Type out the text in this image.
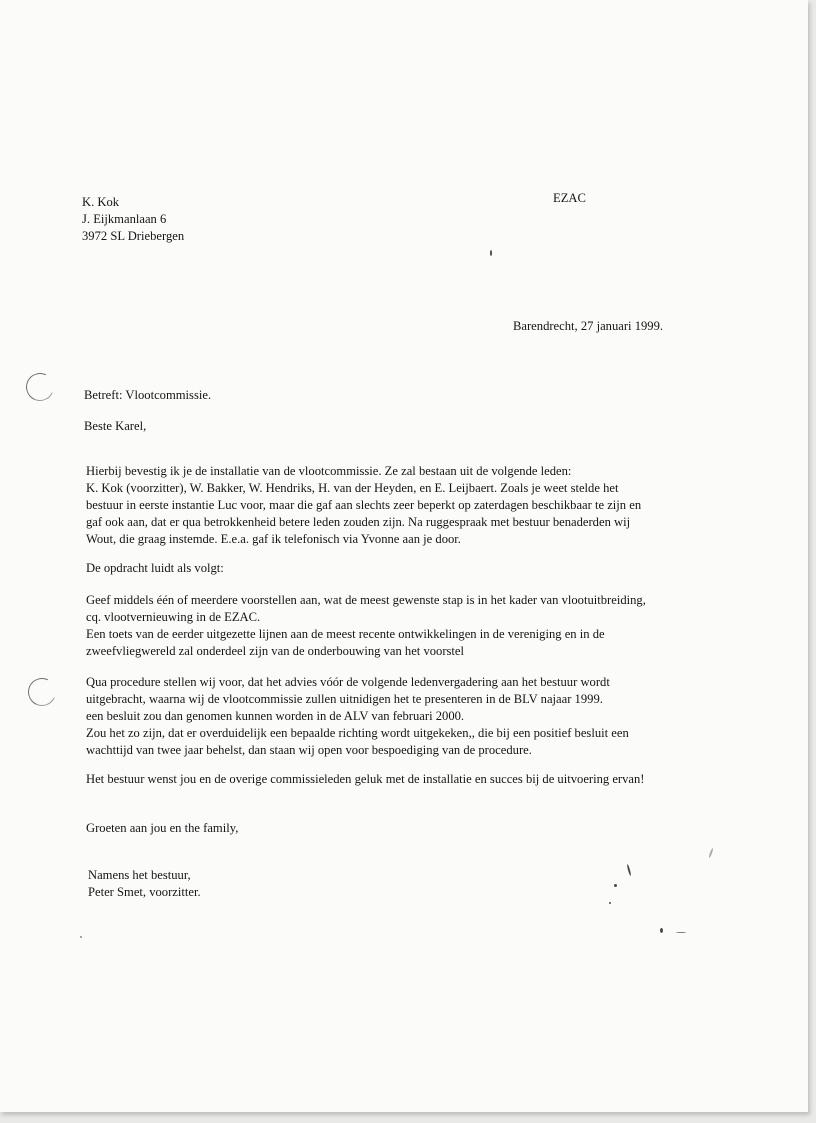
K. Kok
J. Eijkmanlaan 6
3972 SL Driebergen
EZAC
Barendrecht, 27 januari 1999.
Betreft: Vlootcommissie.
Beste Karel,
Hierbij bevestig ik je de installatie van de vlootcommissie. Ze zal bestaan uit de volgende leden:
K. Kok (voorzitter), W. Bakker, W. Hendriks, H. van der Heyden, en E. Leijbaert. Zoals je weet stelde het
bestuur in eerste instantie Luc voor, maar die gaf aan slechts zeer beperkt op zaterdagen beschikbaar te zijn en
gaf ook aan, dat er qua betrokkenheid betere leden zouden zijn. Na ruggespraak met bestuur benaderden wij
Wout, die graag instemde. E.e.a. gaf ik telefonisch via Yvonne aan je door.
De opdracht luidt als volgt:
Geef middels één of meerdere voorstellen aan, wat de meest gewenste stap is in het kader van vlootuitbreiding,
cq. vlootvernieuwing in de EZAC.
Een toets van de eerder uitgezette lijnen aan de meest recente ontwikkelingen in de vereniging en in de
zweefvliegwereld zal onderdeel zijn van de onderbouwing van het voorstel
Qua procedure stellen wij voor, dat het advies vóór de volgende ledenvergadering aan het bestuur wordt
uitgebracht, waarna wij de vlootcommissie zullen uitnidigen het te presenteren in de BLV najaar 1999.
een besluit zou dan genomen kunnen worden in de ALV van februari 2000.
Zou het zo zijn, dat er overduidelijk een bepaalde richting wordt uitgekeken,, die bij een positief besluit een
wachttijd van twee jaar behelst, dan staan wij open voor bespoediging van de procedure.
Het bestuur wenst jou en de overige commissieleden geluk met de installatie en succes bij de uitvoering ervan!
Groeten aan jou en the family,
Namens het bestuur,
Peter Smet, voorzitter.
